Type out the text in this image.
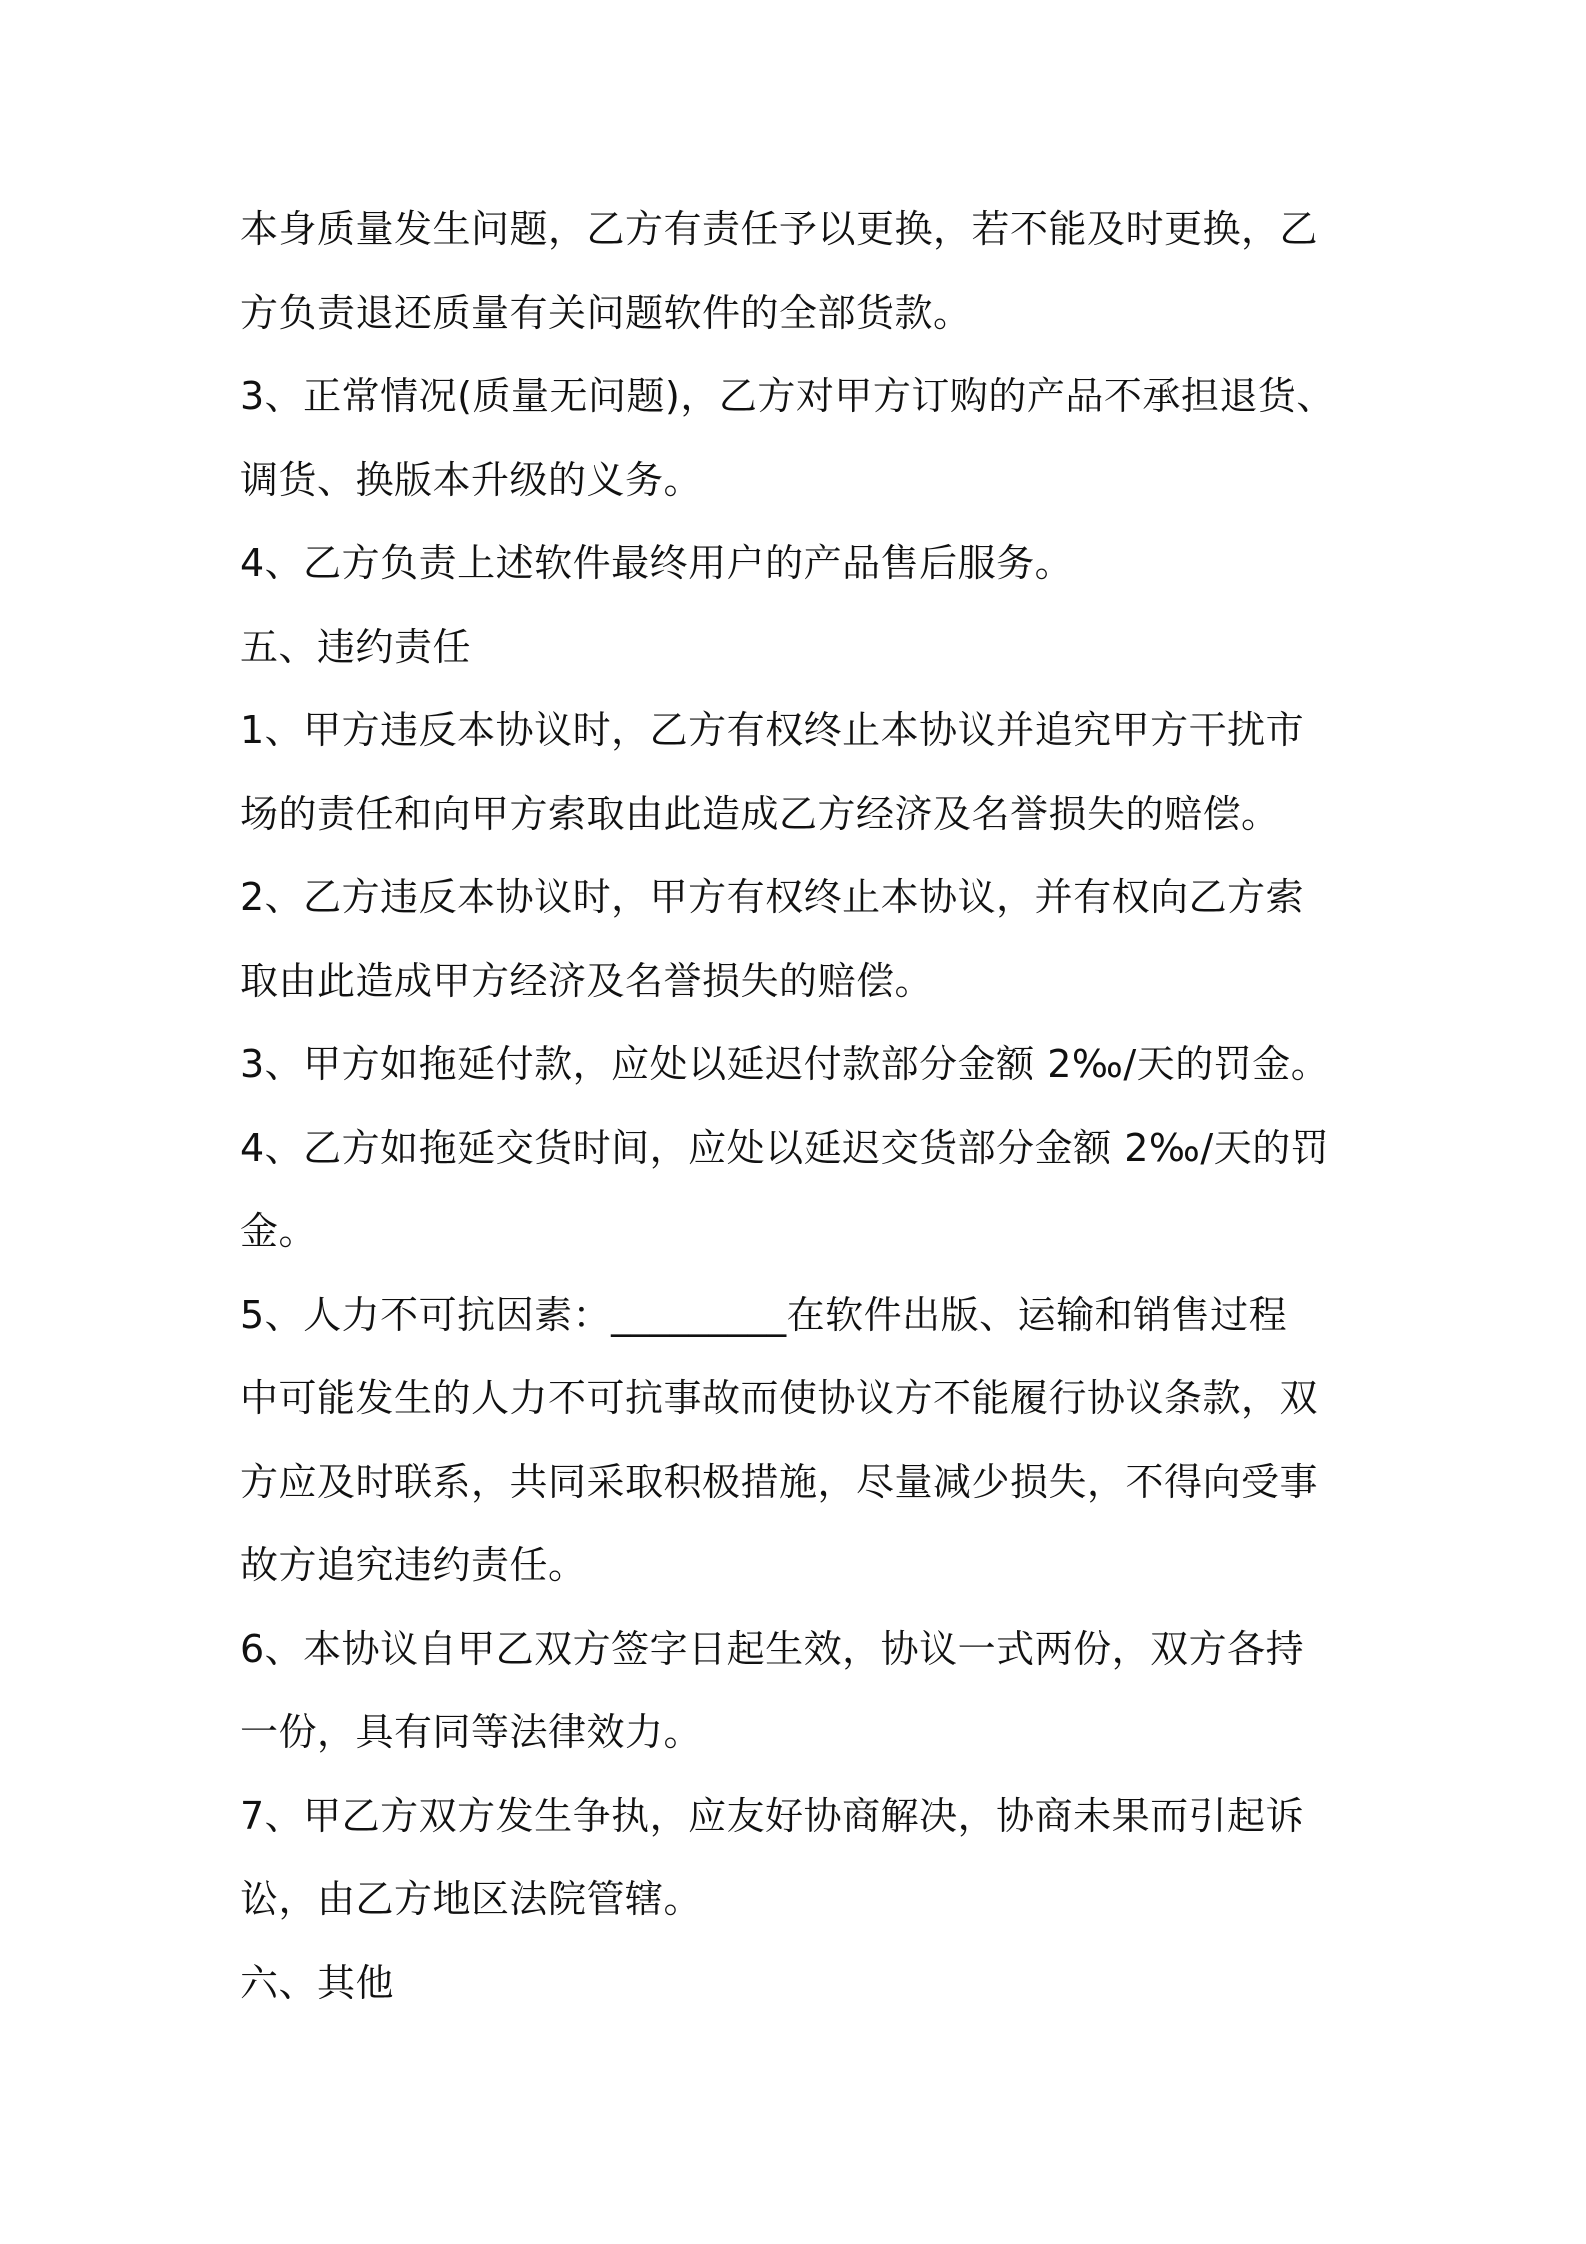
本身质量发生问题，乙方有责任予以更换，若不能及时更换，乙
方负责退还质量有关问题软件的全部货款。
3、正常情况(质量无问题)，乙方对甲方订购的产品不承担退货、
调货、换版本升级的义务。
4、乙方负责上述软件最终用户的产品售后服务。
五、违约责任
1、甲方违反本协议时，乙方有权终止本协议并追究甲方干扰市
场的责任和向甲方索取由此造成乙方经济及名誉损失的赔偿。
2、乙方违反本协议时，甲方有权终止本协议，并有权向乙方索
取由此造成甲方经济及名誉损失的赔偿。
3、甲方如拖延付款，应处以延迟付款部分金额 2‰/天的罚金。
4、乙方如拖延交货时间，应处以延迟交货部分金额 2‰/天的罚
金。
5、人力不可抗因素：_________在软件出版、运输和销售过程
中可能发生的人力不可抗事故而使协议方不能履行协议条款，双
方应及时联系，共同采取积极措施，尽量减少损失，不得向受事
故方追究违约责任。
6、本协议自甲乙双方签字日起生效，协议一式两份，双方各持
一份，具有同等法律效力。
7、甲乙方双方发生争执，应友好协商解决，协商未果而引起诉
讼，由乙方地区法院管辖。
六、其他
